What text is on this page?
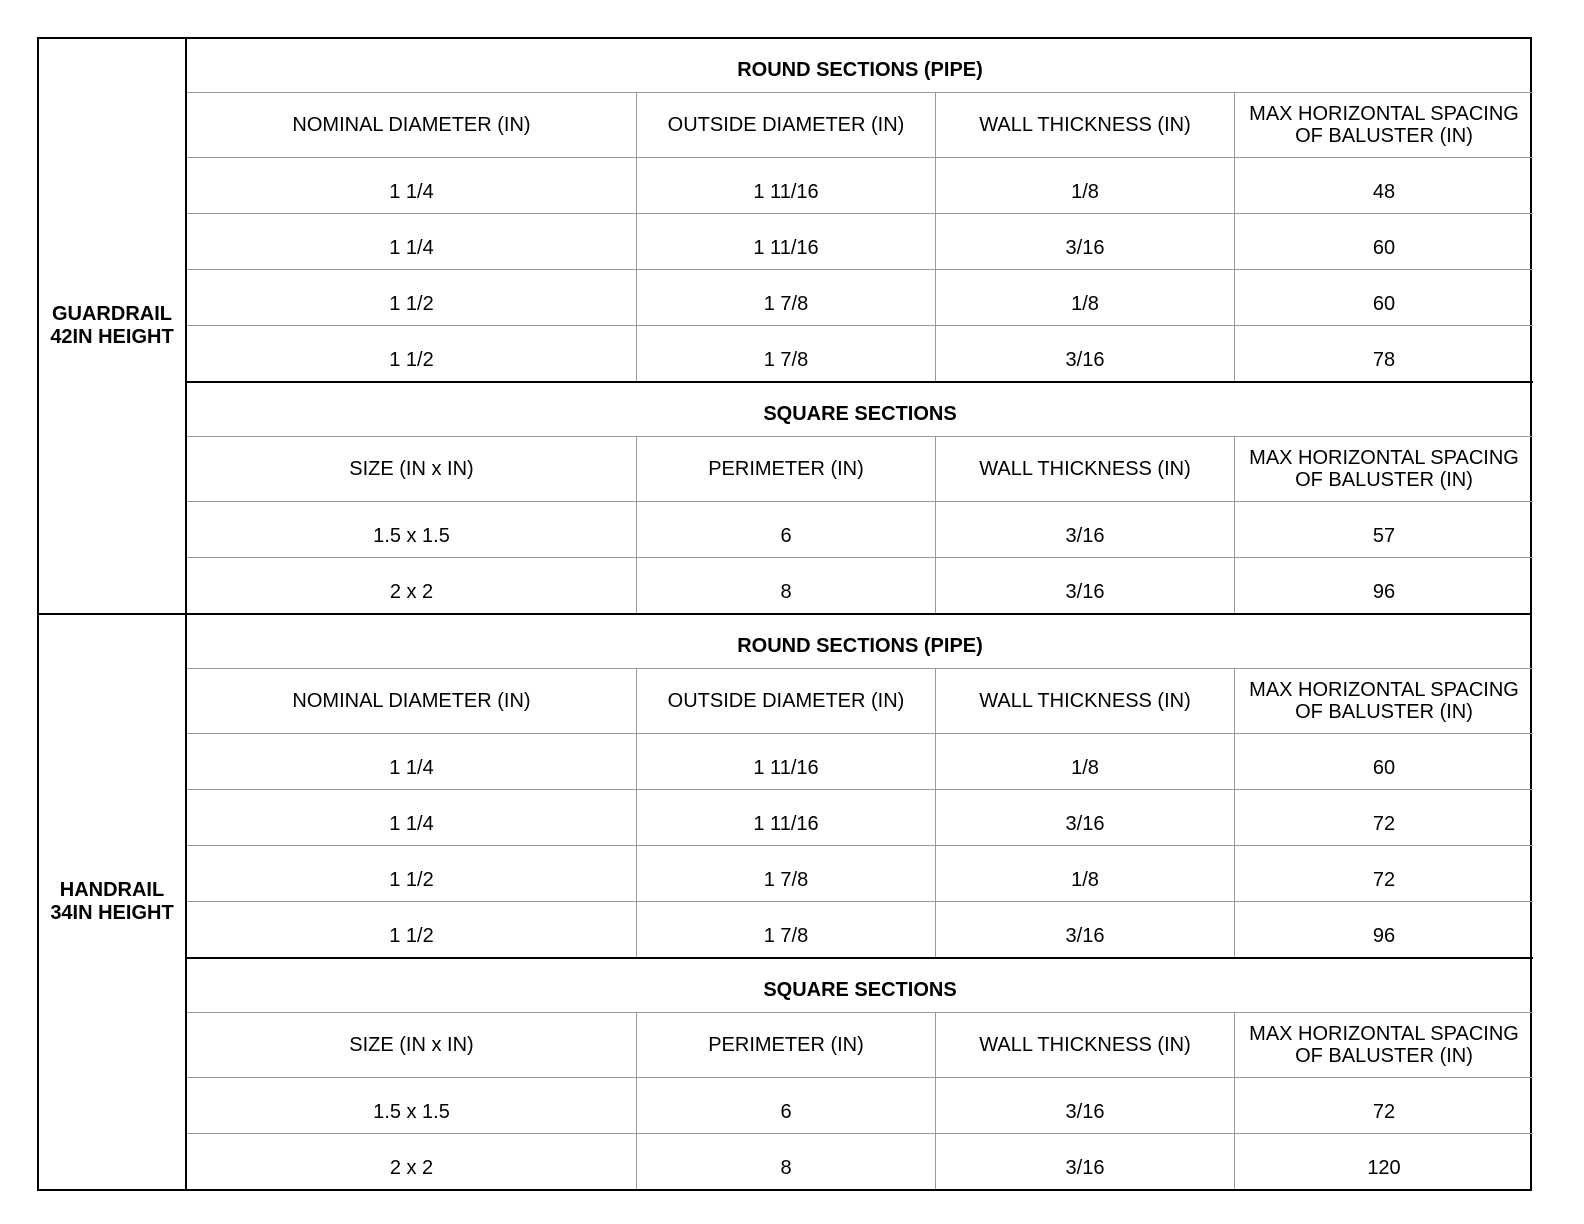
GUARDRAIL
42IN HEIGHT
ROUND SECTIONS (PIPE)
NOMINAL DIAMETER (IN)	OUTSIDE DIAMETER (IN)	WALL THICKNESS (IN)	MAX HORIZONTAL SPACING OF BALUSTER (IN)
1 1/4	1 11/16	1/8	48
1 1/4	1 11/16	3/16	60
1 1/2	1 7/8	1/8	60
1 1/2	1 7/8	3/16	78
SQUARE SECTIONS
SIZE (IN x IN)	PERIMETER (IN)	WALL THICKNESS (IN)	MAX HORIZONTAL SPACING OF BALUSTER (IN)
1.5 x 1.5	6	3/16	57
2 x 2	8	3/16	96
HANDRAIL
34IN HEIGHT
ROUND SECTIONS (PIPE)
NOMINAL DIAMETER (IN)	OUTSIDE DIAMETER (IN)	WALL THICKNESS (IN)	MAX HORIZONTAL SPACING OF BALUSTER (IN)
1 1/4	1 11/16	1/8	60
1 1/4	1 11/16	3/16	72
1 1/2	1 7/8	1/8	72
1 1/2	1 7/8	3/16	96
SQUARE SECTIONS
SIZE (IN x IN)	PERIMETER (IN)	WALL THICKNESS (IN)	MAX HORIZONTAL SPACING OF BALUSTER (IN)
1.5 x 1.5	6	3/16	72
2 x 2	8	3/16	120
